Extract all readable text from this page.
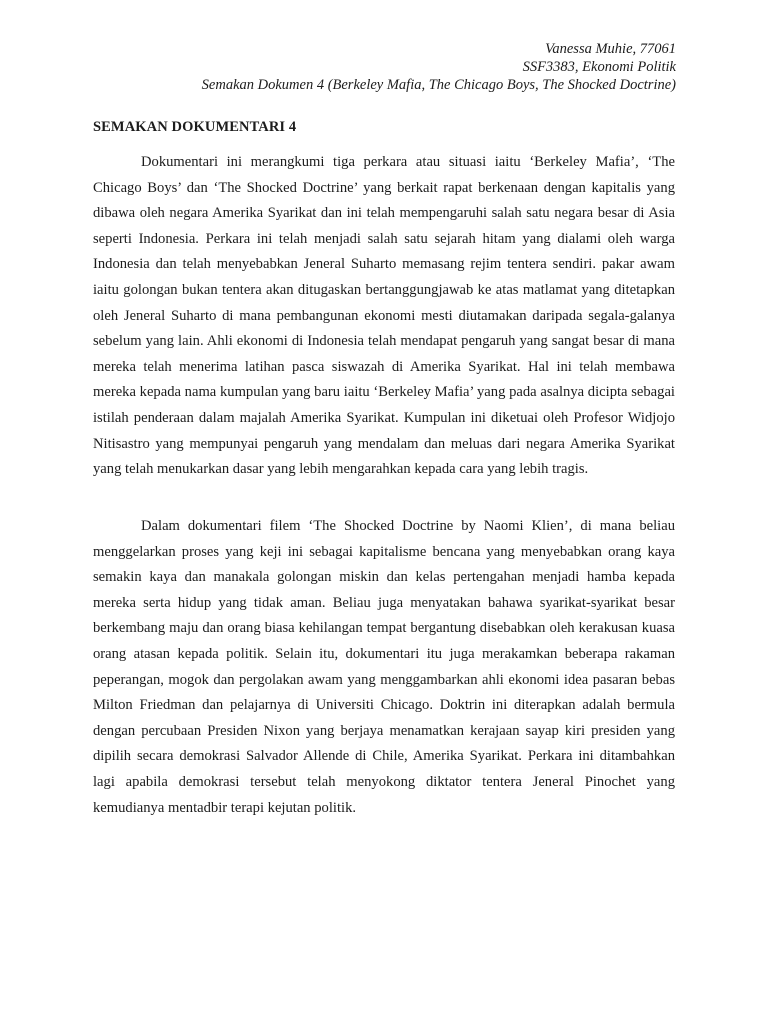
Vanessa Muhie, 77061
SSF3383, Ekonomi Politik
Semakan Dokumen 4 (Berkeley Mafia, The Chicago Boys, The Shocked Doctrine)
SEMAKAN DOKUMENTARI 4

Dokumentari ini merangkumi tiga perkara atau situasi iaitu ‘Berkeley Mafia’, ‘The Chicago Boys’ dan ‘The Shocked Doctrine’ yang berkait rapat berkenaan dengan kapitalis yang dibawa oleh negara Amerika Syarikat dan ini telah mempengaruhi salah satu negara besar di Asia seperti Indonesia. Perkara ini telah menjadi salah satu sejarah hitam yang dialami oleh warga Indonesia dan telah menyebabkan Jeneral Suharto memasang rejim tentera sendiri. pakar awam iaitu golongan bukan tentera akan ditugaskan bertanggungjawab ke atas matlamat yang ditetapkan oleh Jeneral Suharto di mana pembangunan ekonomi mesti diutamakan daripada segala-galanya sebelum yang lain. Ahli ekonomi di Indonesia telah mendapat pengaruh yang sangat besar di mana mereka telah menerima latihan pasca siswazah di Amerika Syarikat. Hal ini telah membawa mereka kepada nama kumpulan yang baru iaitu ‘Berkeley Mafia’ yang pada asalnya dicipta sebagai istilah penderaan dalam majalah Amerika Syarikat. Kumpulan ini diketuai oleh Profesor Widjojo Nitisastro yang mempunyai pengaruh yang mendalam dan meluas dari negara Amerika Syarikat yang telah menukarkan dasar yang lebih mengarahkan kepada cara yang lebih tragis.

Dalam dokumentari filem ‘The Shocked Doctrine by Naomi Klien’, di mana beliau menggelarkan proses yang keji ini sebagai kapitalisme bencana yang menyebabkan orang kaya semakin kaya dan manakala golongan miskin dan kelas pertengahan menjadi hamba kepada mereka serta hidup yang tidak aman. Beliau juga menyatakan bahawa syarikat-syarikat besar berkembang maju dan orang biasa kehilangan tempat bergantung disebabkan oleh kerakusan kuasa orang atasan kepada politik. Selain itu, dokumentari itu juga merakamkan beberapa rakaman peperangan, mogok dan pergolakan awam yang menggambarkan ahli ekonomi idea pasaran bebas Milton Friedman dan pelajarnya di Universiti Chicago. Doktrin ini diterapkan adalah bermula dengan percubaan Presiden Nixon yang berjaya menamatkan kerajaan sayap kiri presiden yang dipilih secara demokrasi Salvador Allende di Chile, Amerika Syarikat. Perkara ini ditambahkan lagi apabila demokrasi tersebut telah menyokong diktator tentera Jeneral Pinochet yang kemudianya mentadbir terapi kejutan politik.
